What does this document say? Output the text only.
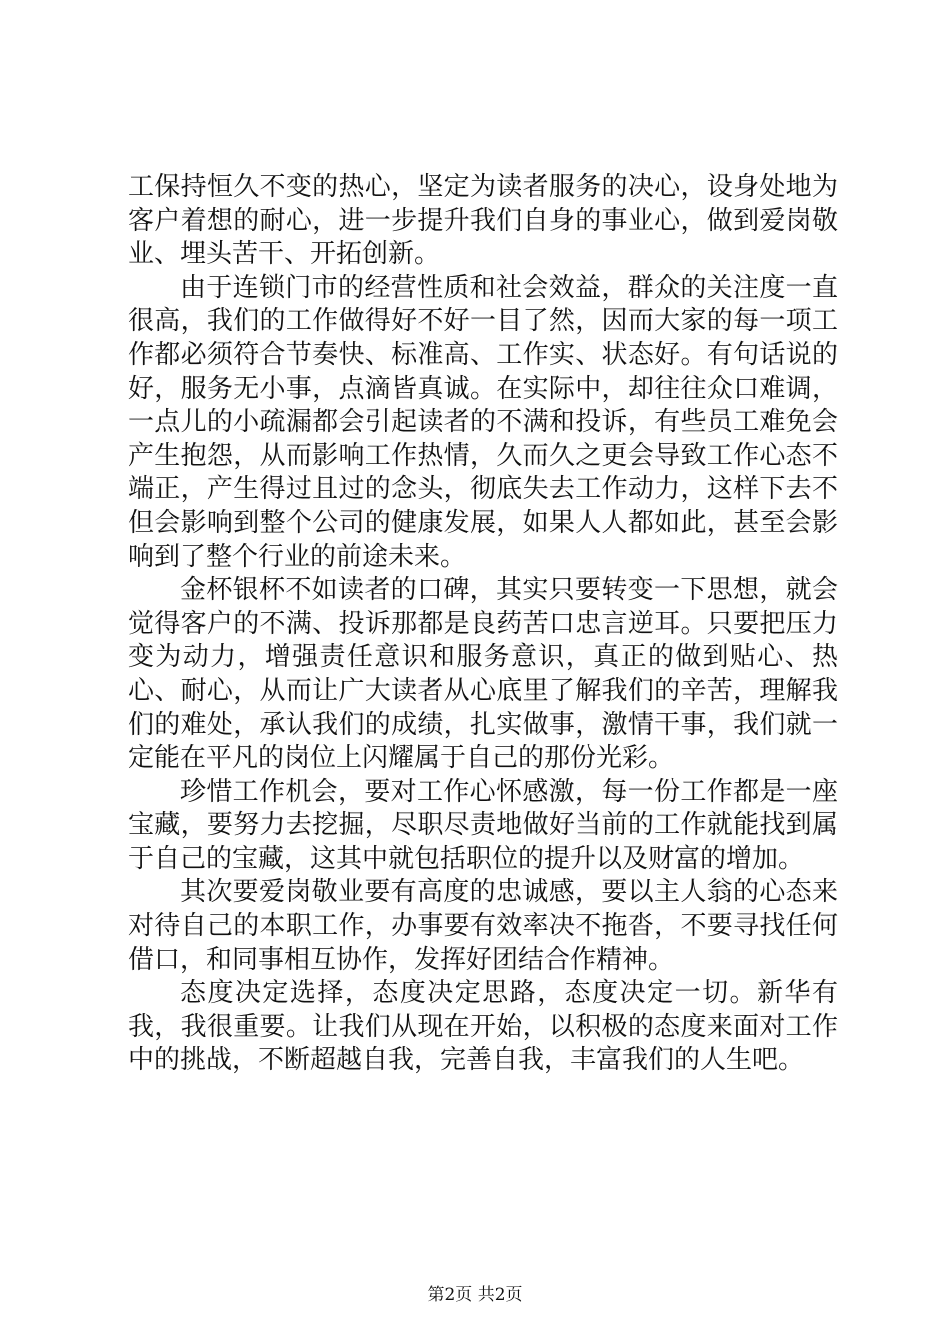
工保持恒久不变的热心，坚定为读者服务的决心，设身处地为客户着想的耐心，进一步提升我们自身的事业心，做到爱岗敬业、埋头苦干、开拓创新。

由于连锁门市的经营性质和社会效益，群众的关注度一直很高，我们的工作做得好不好一目了然，因而大家的每一项工作都必须符合节奏快、标准高、工作实、状态好。有句话说的好，服务无小事，点滴皆真诚。在实际中，却往往众口难调，一点儿的小疏漏都会引起读者的不满和投诉，有些员工难免会产生抱怨，从而影响工作热情，久而久之更会导致工作心态不端正，产生得过且过的念头，彻底失去工作动力，这样下去不但会影响到整个公司的健康发展，如果人人都如此，甚至会影响到了整个行业的前途未来。

金杯银杯不如读者的口碑，其实只要转变一下思想，就会觉得客户的不满、投诉那都是良药苦口忠言逆耳。只要把压力变为动力，增强责任意识和服务意识，真正的做到贴心、热心、耐心，从而让广大读者从心底里了解我们的辛苦，理解我们的难处，承认我们的成绩，扎实做事，激情干事，我们就一定能在平凡的岗位上闪耀属于自己的那份光彩。

珍惜工作机会，要对工作心怀感激，每一份工作都是一座宝藏，要努力去挖掘，尽职尽责地做好当前的工作就能找到属于自己的宝藏，这其中就包括职位的提升以及财富的增加。

其次要爱岗敬业要有高度的忠诚感，要以主人翁的心态来对待自己的本职工作，办事要有效率决不拖沓，不要寻找任何借口，和同事相互协作，发挥好团结合作精神。

态度决定选择，态度决定思路，态度决定一切。新华有我，我很重要。让我们从现在开始，以积极的态度来面对工作中的挑战，不断超越自我，完善自我，丰富我们的人生吧。

第2页 共2页
